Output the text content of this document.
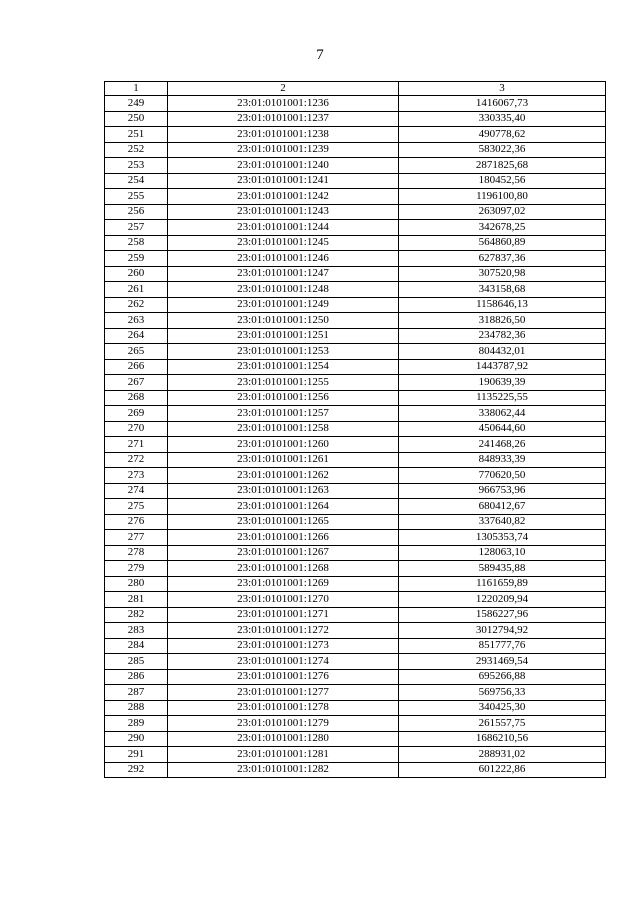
7
1	2	3
249	23:01:0101001:1236	1416067,73
250	23:01:0101001:1237	330335,40
251	23:01:0101001:1238	490778,62
252	23:01:0101001:1239	583022,36
253	23:01:0101001:1240	2871825,68
254	23:01:0101001:1241	180452,56
255	23:01:0101001:1242	1196100,80
256	23:01:0101001:1243	263097,02
257	23:01:0101001:1244	342678,25
258	23:01:0101001:1245	564860,89
259	23:01:0101001:1246	627837,36
260	23:01:0101001:1247	307520,98
261	23:01:0101001:1248	343158,68
262	23:01:0101001:1249	1158646,13
263	23:01:0101001:1250	318826,50
264	23:01:0101001:1251	234782,36
265	23:01:0101001:1253	804432,01
266	23:01:0101001:1254	1443787,92
267	23:01:0101001:1255	190639,39
268	23:01:0101001:1256	1135225,55
269	23:01:0101001:1257	338062,44
270	23:01:0101001:1258	450644,60
271	23:01:0101001:1260	241468,26
272	23:01:0101001:1261	848933,39
273	23:01:0101001:1262	770620,50
274	23:01:0101001:1263	966753,96
275	23:01:0101001:1264	680412,67
276	23:01:0101001:1265	337640,82
277	23:01:0101001:1266	1305353,74
278	23:01:0101001:1267	128063,10
279	23:01:0101001:1268	589435,88
280	23:01:0101001:1269	1161659,89
281	23:01:0101001:1270	1220209,94
282	23:01:0101001:1271	1586227,96
283	23:01:0101001:1272	3012794,92
284	23:01:0101001:1273	851777,76
285	23:01:0101001:1274	2931469,54
286	23:01:0101001:1276	695266,88
287	23:01:0101001:1277	569756,33
288	23:01:0101001:1278	340425,30
289	23:01:0101001:1279	261557,75
290	23:01:0101001:1280	1686210,56
291	23:01:0101001:1281	288931,02
292	23:01:0101001:1282	601222,86
